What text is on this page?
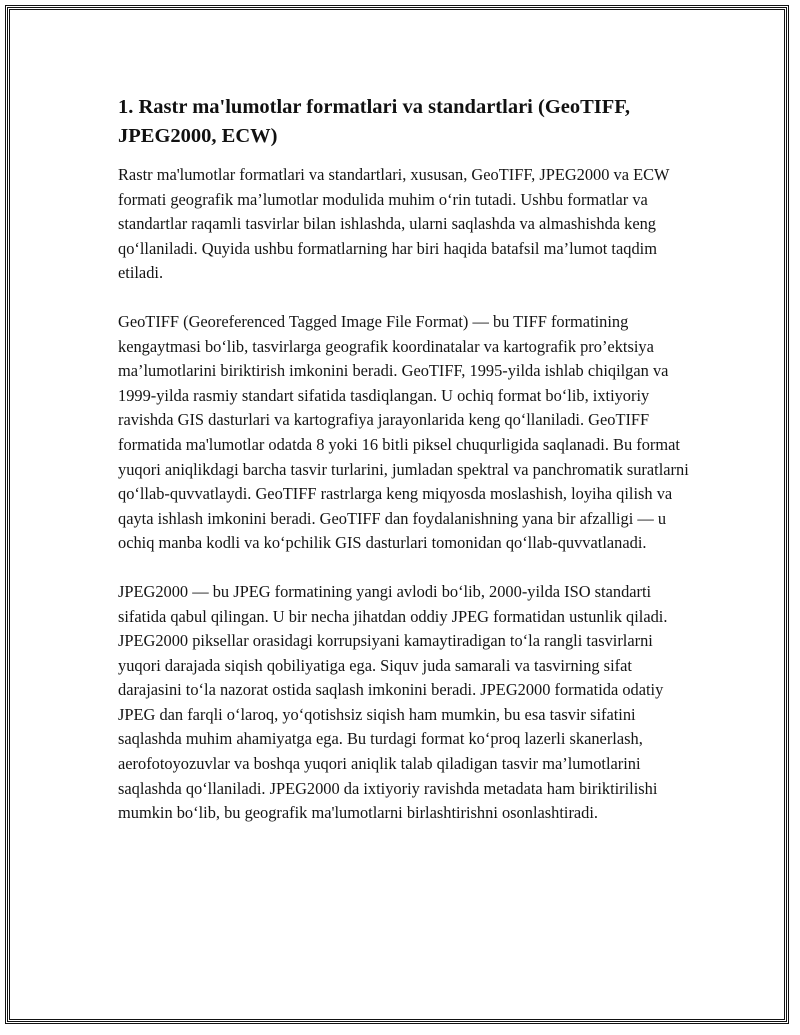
1. Rastr ma'lumotlar formatlari va standartlari (GeoTIFF, JPEG2000, ECW)

Rastr ma'lumotlar formatlari va standartlari, xususan, GeoTIFF, JPEG2000 va ECW formati geografik ma’lumotlar modulida muhim o‘rin tutadi. Ushbu formatlar va standartlar raqamli tasvirlar bilan ishlashda, ularni saqlashda va almashishda keng qo‘llaniladi. Quyida ushbu formatlarning har biri haqida batafsil ma’lumot taqdim etiladi.

GeoTIFF (Georeferenced Tagged Image File Format) — bu TIFF formatining kengaytmasi bo‘lib, tasvirlarga geografik koordinatalar va kartografik pro’ektsiya ma’lumotlarini biriktirish imkonini beradi. GeoTIFF, 1995-yilda ishlab chiqilgan va 1999-yilda rasmiy standart sifatida tasdiqlangan. U ochiq format bo‘lib, ixtiyoriy ravishda GIS dasturlari va kartografiya jarayonlarida keng qo‘llaniladi. GeoTIFF formatida ma'lumotlar odatda 8 yoki 16 bitli piksel chuqurligida saqlanadi. Bu format yuqori aniqlikdagi barcha tasvir turlarini, jumladan spektral va panchromatik suratlarni qo‘llab-quvvatlaydi. GeoTIFF rastrlarga keng miqyosda moslashish, loyiha qilish va qayta ishlash imkonini beradi. GeoTIFF dan foydalanishning yana bir afzalligi — u ochiq manba kodli va ko‘pchilik GIS dasturlari tomonidan qo‘llab-quvvatlanadi.

JPEG2000 — bu JPEG formatining yangi avlodi bo‘lib, 2000-yilda ISO standarti sifatida qabul qilingan. U bir necha jihatdan oddiy JPEG formatidan ustunlik qiladi. JPEG2000 piksellar orasidagi korrupsiyani kamaytiradigan to‘la rangli tasvirlarni yuqori darajada siqish qobiliyatiga ega. Siquv juda samarali va tasvirning sifat darajasini to‘la nazorat ostida saqlash imkonini beradi. JPEG2000 formatida odatiy JPEG dan farqli o‘laroq, yo‘qotishsiz siqish ham mumkin, bu esa tasvir sifatini saqlashda muhim ahamiyatga ega. Bu turdagi format ko‘proq lazerli skanerlash, aerofotoyozuvlar va boshqa yuqori aniqlik talab qiladigan tasvir ma’lumotlarini saqlashda qo‘llaniladi. JPEG2000 da ixtiyoriy ravishda metadata ham biriktirilishi mumkin bo‘lib, bu geografik ma'lumotlarni birlashtirishni osonlashtiradi.
